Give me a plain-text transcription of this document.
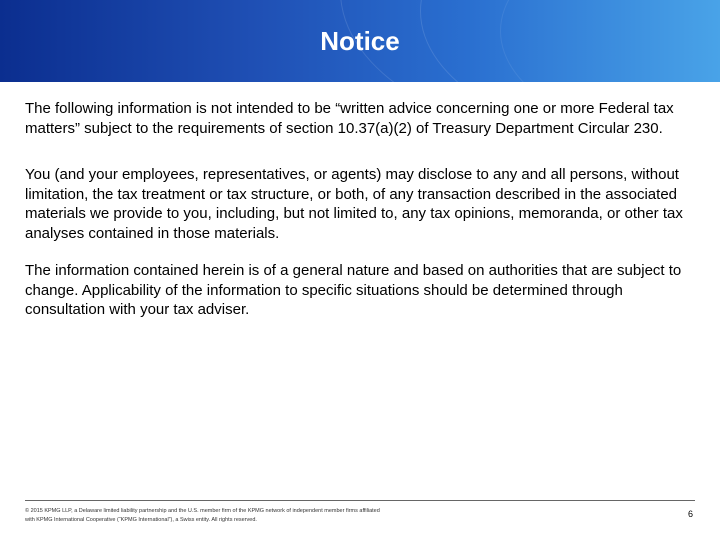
Notice

The following information is not intended to be “written advice concerning one or more Federal tax matters” subject to the requirements of section 10.37(a)(2) of Treasury Department Circular 230.

You (and your employees, representatives, or agents) may disclose to any and all persons, without limitation, the tax treatment or tax structure, or both, of any transaction described in the associated materials we provide to you, including, but not limited to, any tax opinions, memoranda, or other tax analyses contained in those materials.

The information contained herein is of a general nature and based on authorities that are subject to change. Applicability of the information to specific situations should be determined through consultation with your tax adviser.

© 2015 KPMG LLP, a Delaware limited liability partnership and the U.S. member firm of the KPMG network of independent member firms affiliated with KPMG International Cooperative (“KPMG International”), a Swiss entity. All rights reserved.

6
